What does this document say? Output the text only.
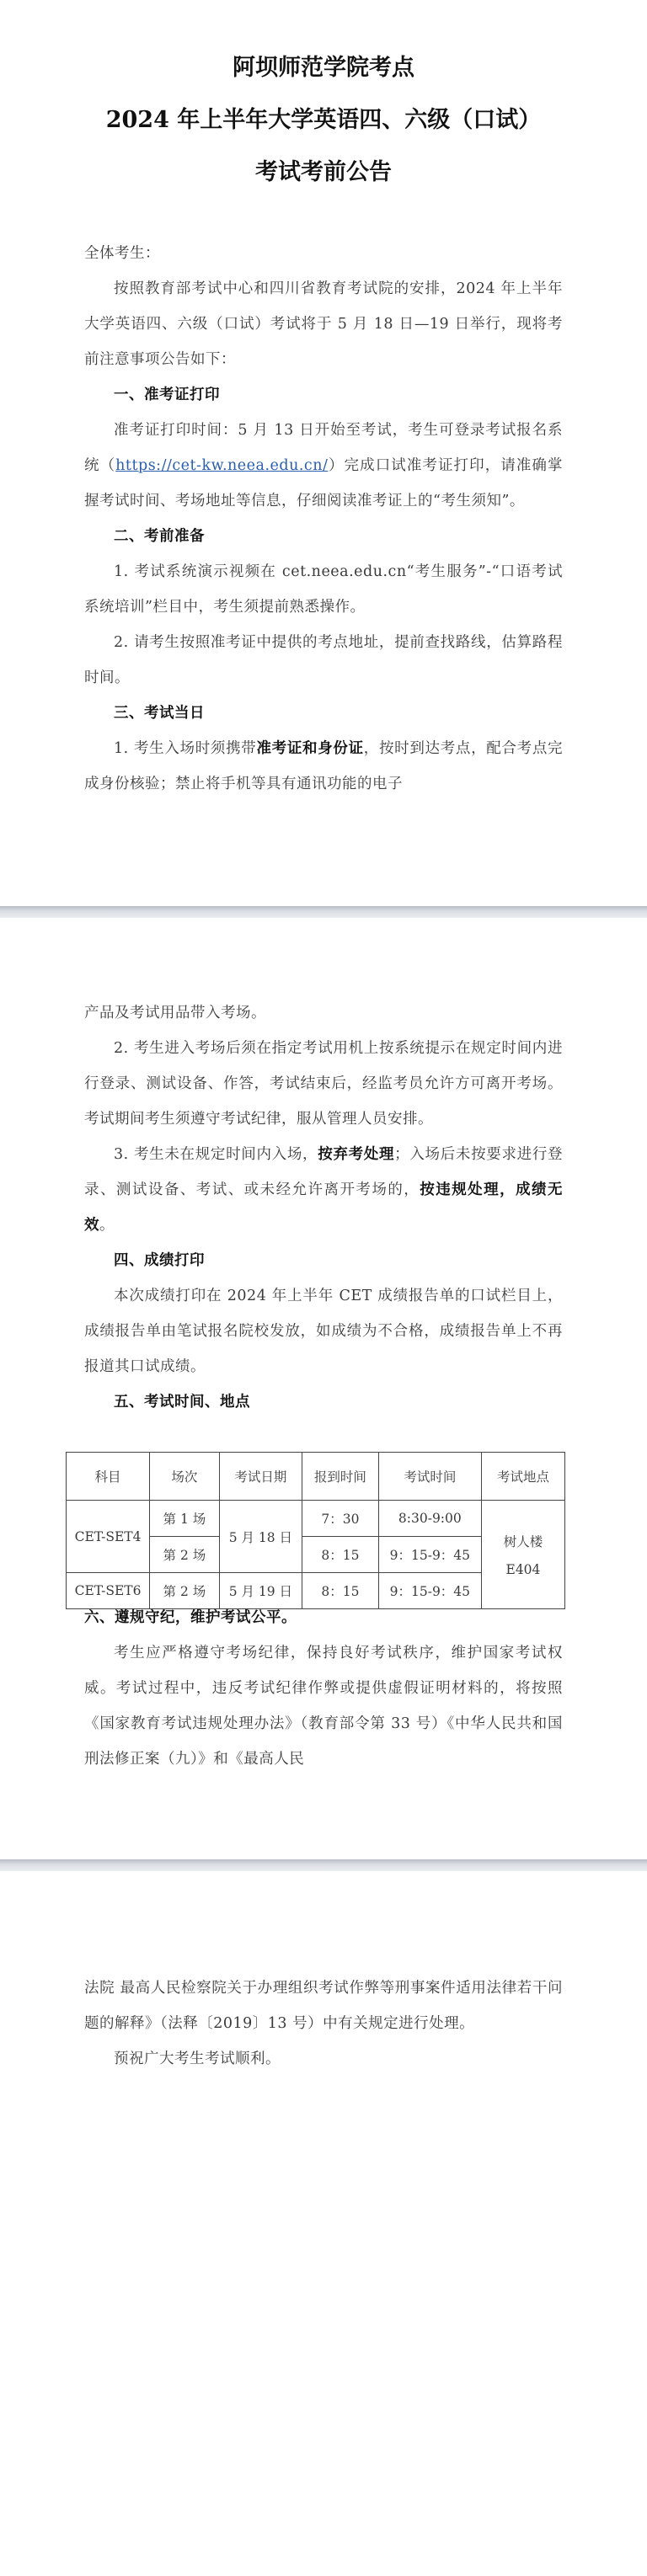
阿坝师范学院考点
2024 年上半年大学英语四、六级（口试）
考试考前公告

全体考生：

按照教育部考试中心和四川省教育考试院的安排，2024 年上半年大学英语四、六级（口试）考试将于 5 月 18 日—19 日举行，现将考前注意事项公告如下：

一、准考证打印

准考证打印时间：5 月 13 日开始至考试，考生可登录考试报名系统（https://cet-kw.neea.edu.cn/）完成口试准考证打印，请准确掌握考试时间、考场地址等信息，仔细阅读准考证上的“考生须知”。

二、考前准备

1. 考试系统演示视频在 cet.neea.edu.cn“考生服务”-“口语考试系统培训”栏目中，考生须提前熟悉操作。

2. 请考生按照准考证中提供的考点地址，提前查找路线，估算路程时间。

三、考试当日

1. 考生入场时须携带准考证和身份证，按时到达考点，配合考点完成身份核验；禁止将手机等具有通讯功能的电子

产品及考试用品带入考场。

2. 考生进入考场后须在指定考试用机上按系统提示在规定时间内进行登录、测试设备、作答，考试结束后，经监考员允许方可离开考场。考试期间考生须遵守考试纪律，服从管理人员安排。

3. 考生未在规定时间内入场，按弃考处理；入场后未按要求进行登录、测试设备、考试、或未经允许离开考场的，按违规处理，成绩无效。

四、成绩打印

本次成绩打印在 2024 年上半年 CET 成绩报告单的口试栏目上，成绩报告单由笔试报名院校发放，如成绩为不合格，成绩报告单上不再报道其口试成绩。

五、考试时间、地点

科目	场次	考试日期	报到时间	考试时间	考试地点
CET-SET4	第 1 场	5 月 18 日	7：30	8:30-9:00	树人楼
E404

	第 2 场		8：15	9：15-9：45	
CET-SET6	第 2 场	5 月 19 日	8：15	9：15-9：45	

六、遵规守纪，维护考试公平。

考生应严格遵守考场纪律，保持良好考试秩序，维护国家考试权威。考试过程中，违反考试纪律作弊或提供虚假证明材料的，将按照《国家教育考试违规处理办法》（教育部令第 33 号）《中华人民共和国刑法修正案（九）》和《最高人民

法院 最高人民检察院关于办理组织考试作弊等刑事案件适用法律若干问题的解释》（法释〔2019〕13 号）中有关规定进行处理。

预祝广大考生考试顺利。
